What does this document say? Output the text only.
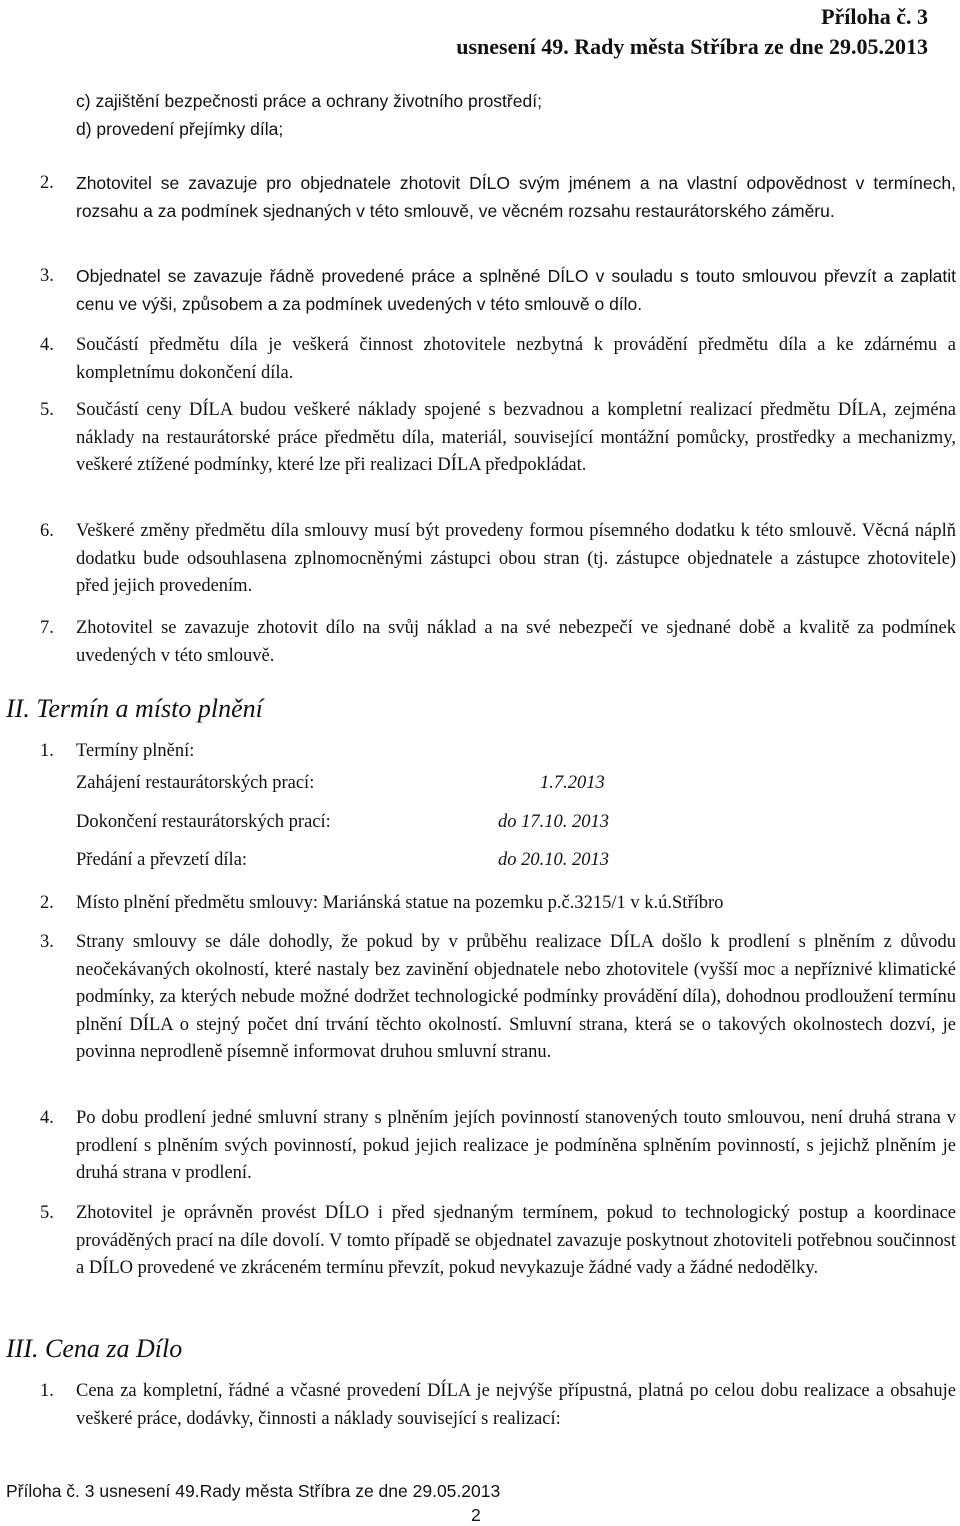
Příloha č. 3
usnesení 49. Rady města Stříbra ze dne 29.05.2013
c) zajištění bezpečnosti práce a ochrany životního prostředí;
d) provedení přejímky díla;
2.	Zhotovitel se zavazuje pro objednatele zhotovit DÍLO svým jménem a na vlastní odpovědnost v termínech, rozsahu a za podmínek sjednaných v této smlouvě, ve věcném rozsahu restaurátorského záměru.
3.	Objednatel se zavazuje řádně provedené práce a splněné DÍLO v souladu s touto smlouvou převzít a zaplatit cenu ve výši, způsobem a za podmínek uvedených v této smlouvě o dílo.
4.	Součástí předmětu díla je veškerá činnost zhotovitele nezbytná k provádění předmětu díla a ke zdárnému a kompletnímu dokončení díla.
5.	Součástí ceny DÍLA budou veškeré náklady spojené s bezvadnou a kompletní realizací předmětu DÍLA, zejména náklady na restaurátorské práce předmětu díla, materiál, související montážní pomůcky, prostředky a mechanizmy, veškeré ztížené podmínky, které lze při realizaci DÍLA předpokládat.
6.	Veškeré změny předmětu díla smlouvy musí být provedeny formou písemného dodatku k této smlouvě. Věcná náplň dodatku bude odsouhlasena zplnomocněnými zástupci obou stran (tj. zástupce objednatele a zástupce zhotovitele) před jejich provedením.
7.	Zhotovitel se zavazuje zhotovit dílo na svůj náklad a na své nebezpečí ve sjednané době a kvalitě za podmínek uvedených v této smlouvě.
II. Termín a místo plnění
1. Termíny plnění:
Zahájení restaurátorských prací:	1.7.2013
Dokončení restaurátorských prací:	do 17.10. 2013
Předání a převzetí díla:	do 20.10. 2013
2.	Místo plnění předmětu smlouvy: Mariánská statue na pozemku p.č.3215/1 v k.ú.Stříbro
3.	Strany smlouvy se dále dohodly, že pokud by v průběhu realizace DÍLA došlo k prodlení s plněním z důvodu neočekávaných okolností, které nastaly bez zavinění objednatele nebo zhotovitele (vyšší moc a nepříznivé klimatické podmínky, za kterých nebude možné dodržet technologické podmínky provádění díla), dohodnou prodloužení termínu plnění DÍLA o stejný počet dní trvání těchto okolností. Smluvní strana, která se o takových okolnostech dozví, je povinna neprodleně písemně informovat druhou smluvní stranu.
4.	Po dobu prodlení jedné smluvní strany s plněním jejích povinností stanovených touto smlouvou, není druhá strana v prodlení s plněním svých povinností, pokud jejich realizace je podmíněna splněním povinností, s jejichž plněním je druhá strana v prodlení.
5.	Zhotovitel je oprávněn provést DÍLO i před sjednaným termínem, pokud to technologický postup a koordinace prováděných prací na díle dovolí. V tomto případě se objednatel zavazuje poskytnout zhotoviteli potřebnou součinnost a DÍLO provedené ve zkráceném termínu převzít, pokud nevykazuje žádné vady a žádné nedodělky.
III. Cena za Dílo
1.	Cena za kompletní, řádné a včasné provedení DÍLA je nejvýše přípustná, platná po celou dobu realizace a obsahuje veškeré práce, dodávky, činnosti a náklady související s realizací:
Příloha č. 3 usnesení 49.Rady města Stříbra ze dne 29.05.2013
2
